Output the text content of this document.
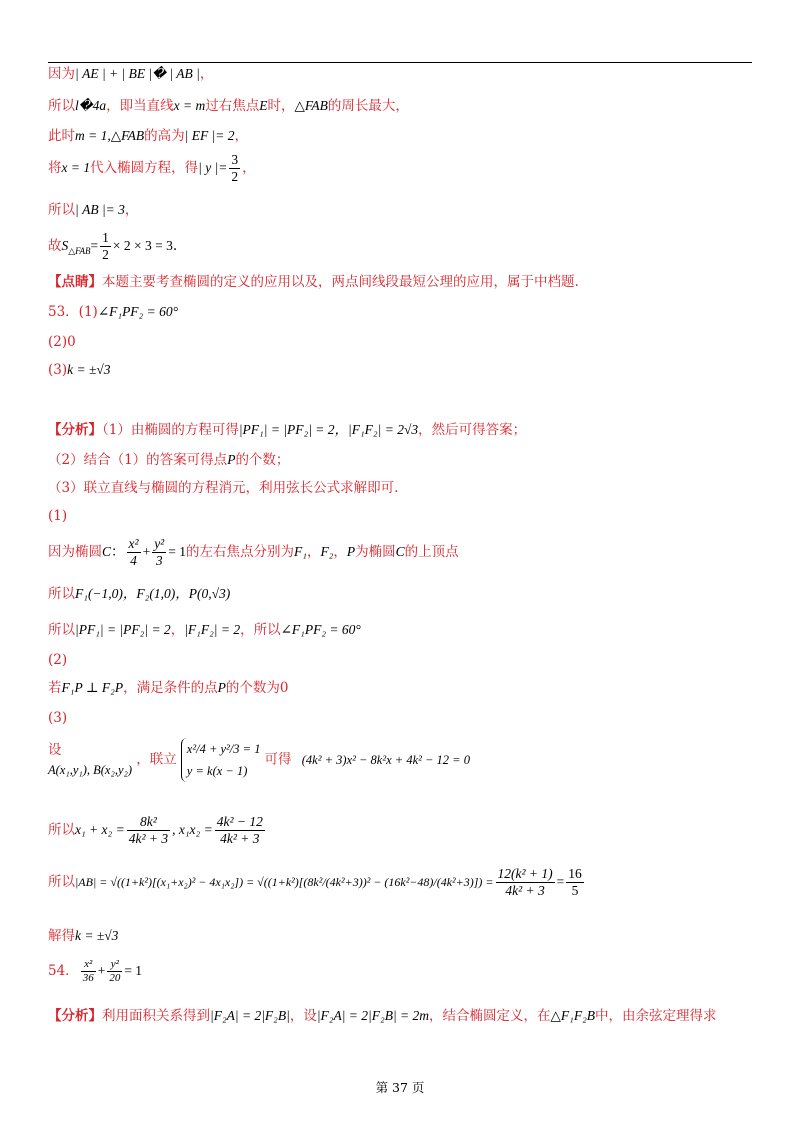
因为| AE | + | BE |� | AB |，
所以l�4a，即当直线x = m过右焦点E时，△FAB的周长最大，
此时m = 1,△FAB的高为| EF |= 2，
将x = 1代入椭圆方程，得| y |= $\frac{3}{2}$ ，
所以| AB |= 3，
故$S_{\triangle FAB}= \frac{1}{2} \times 2 \times 3 = 3$.
【点睛】本题主要考查椭圆的定义的应用以及，两点间线段最短公理的应用，属于中档题.
53．(1)∠F₁PF₂ = 60°
(2)0
(3)k = ±√3
【分析】（1）由椭圆的方程可得|PF₁| = |PF₂| = 2，|F₁F₂| = 2√3，然后可得答案；
（2）结合（1）的答案可得点P的个数；
（3）联立直线与椭圆的方程消元，利用弦长公式求解即可.
(1)
因为椭圆C： $\frac{\text{x²}}{4} + \frac{\text{y²}}{3} = 1$的左右焦点分别为F₁，F₂，P为椭圆C的上顶点
所以F₁(−1,0)，F₂(1,0)，P(0,√3)
所以|PF₁| = |PF₂| = 2，|F₁F₂| = 2，所以∠F₁PF₂ = 60°
(2)
若F₁P ⊥ F₂P，满足条件的点P的个数为0
(3)
设
A(x₁,y₁), B(x₂,y₂) ，联立
x²/4 + y²/3 = 1
y = k(x − 1)
可得 (4k² + 3)x² − 8k²x + 4k² − 12 = 0
所以$x_1 + x_2 = \frac{\text{8k²}}{\text{4k² + 3}}$ , $x_1x_2 = \frac{\text{4k² − 12}}{\text{4k² + 3}}$
所以$|AB| = √((1+k^2)[(x_1+x_2)^2 - 4x_1x_2]) = √((1+k^2)[(8k^2/(4k^2+3))^2 - (16k^2-48)/(4k^2+3)]) = \frac{\text{12(k² + 1)}}{\text{4k² + 3}} = \frac{16}{5}$
解得k = ±√3
54． $\frac{\text{x²}}{36} + \frac{\text{y²}}{20} = 1$
【分析】利用面积关系得到|F₂A| = 2|F₂B|，设|F₂A| = 2|F₂B| = 2m，结合椭圆定义，在△F₁F₂B中，由余弦定理得求
第 37 页
